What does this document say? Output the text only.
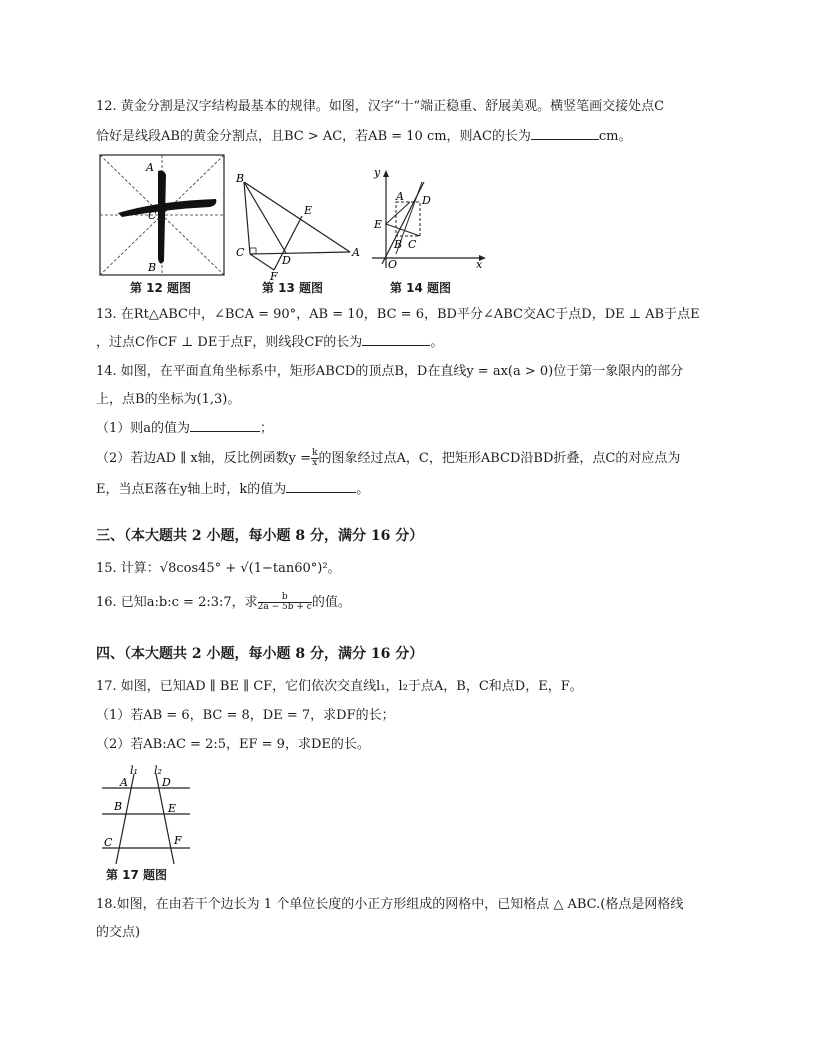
12. 黄金分割是汉字结构最基本的规律。如图，汉字“十”端正稳重、舒展美观。横竖笔画交接处点C
恰好是线段AB的黄金分割点，且BC > AC，若AB = 10 cm，则AC的长为	cm。
A
C
B
第 12 题图
B
E
A
C
D
F
第 13 题图
y
x
O
E
A D
B C
第 14 题图
13. 在Rt△ABC中，∠BCA = 90°，AB = 10，BC = 6，BD平分∠ABC交AC于点D，DE ⊥ AB于点E
，过点C作CF ⊥ DE于点F，则线段CF的长为	。
14. 如图，在平面直角坐标系中，矩形ABCD的顶点B，D在直线y = ax(a > 0)位于第一象限内的部分
上，点B的坐标为(1,3)。
（1）则a的值为	；
（2）若边AD ∥ x轴，反比例函数$y = \frac{k}{x}$ 的图象经过点A，C，把矩形ABCD沿BD折叠，点C的对应点为
E，当点E落在y轴上时，k的值为	。
三、（本大题共 2 小题，每小题 8 分，满分 16 分）
15. 计算：√8cos45° + √(1−tan60°)²。
16. 已知a:b:c = 2:3:7，求 $\frac{b}{2a - 5b + c}$ 的值。
四、（本大题共 2 小题，每小题 8 分，满分 16 分）
17. 如图，已知AD ∥ BE ∥ CF，它们依次交直线l₁，l₂于点A，B，C和点D，E，F。
（1）若AB = 6，BC = 8，DE = 7，求DF的长；
（2）若AB:AC = 2:5，EF = 9，求DE的长。
l₁ l₂
A	D
B	E
C	F
第 17 题图
18.如图，在由若干个边长为 1 个单位长度的小正方形组成的网格中，已知格点 △ ABC.(格点是网格线
的交点)
